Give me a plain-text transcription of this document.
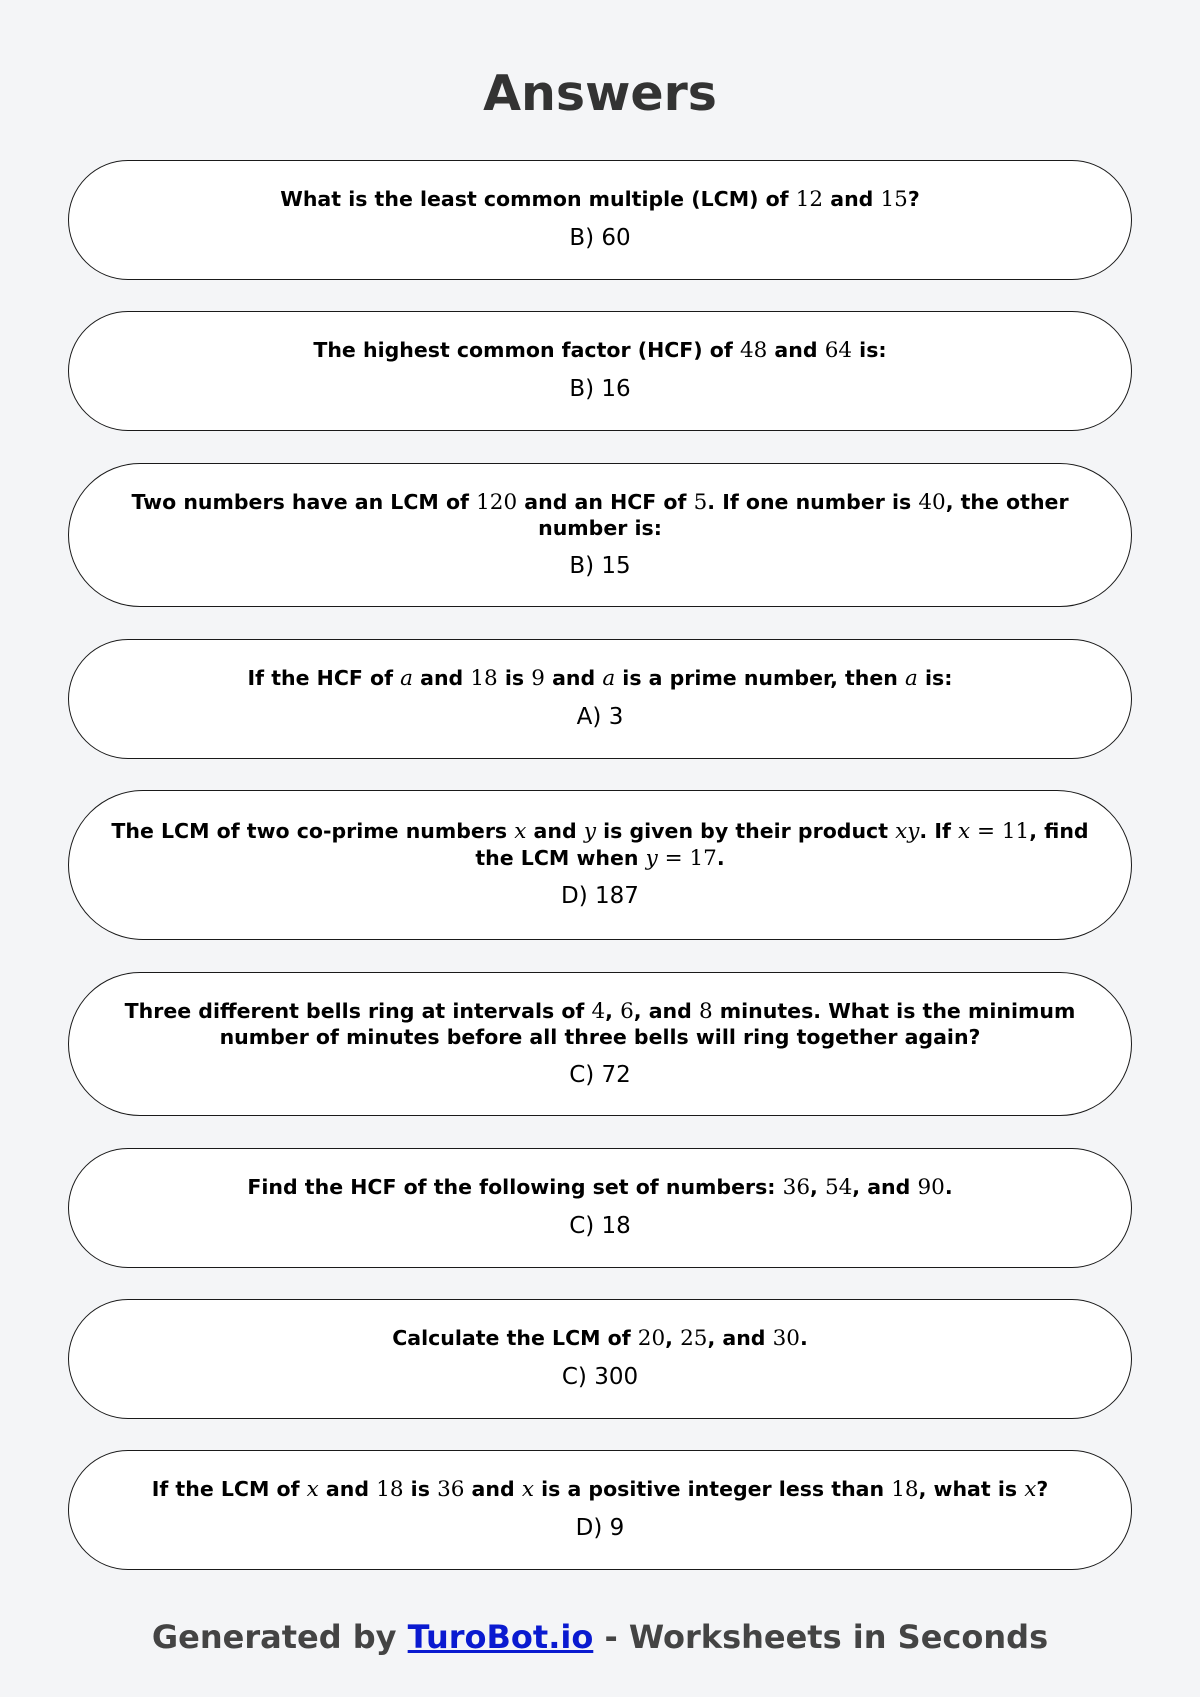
Answers

What is the least common multiple (LCM) of 12 and 15?

B) 60

The highest common factor (HCF) of 48 and 64 is:

B) 16

Two numbers have an LCM of 120 and an HCF of 5. If one number is 40, the other number is:

B) 15

If the HCF of a and 18 is 9 and a is a prime number, then a is:

A) 3

The LCM of two co-prime numbers x and y is given by their product xy. If x = 11, find the LCM when y = 17.

D) 187

Three different bells ring at intervals of 4, 6, and 8 minutes. What is the minimum number of minutes before all three bells will ring together again?

C) 72

Find the HCF of the following set of numbers: 36, 54, and 90.

C) 18

Calculate the LCM of 20, 25, and 30.

C) 300

If the LCM of x and 18 is 36 and x is a positive integer less than 18, what is x?

D) 9

Generated by TuroBot.io - Worksheets in Seconds
